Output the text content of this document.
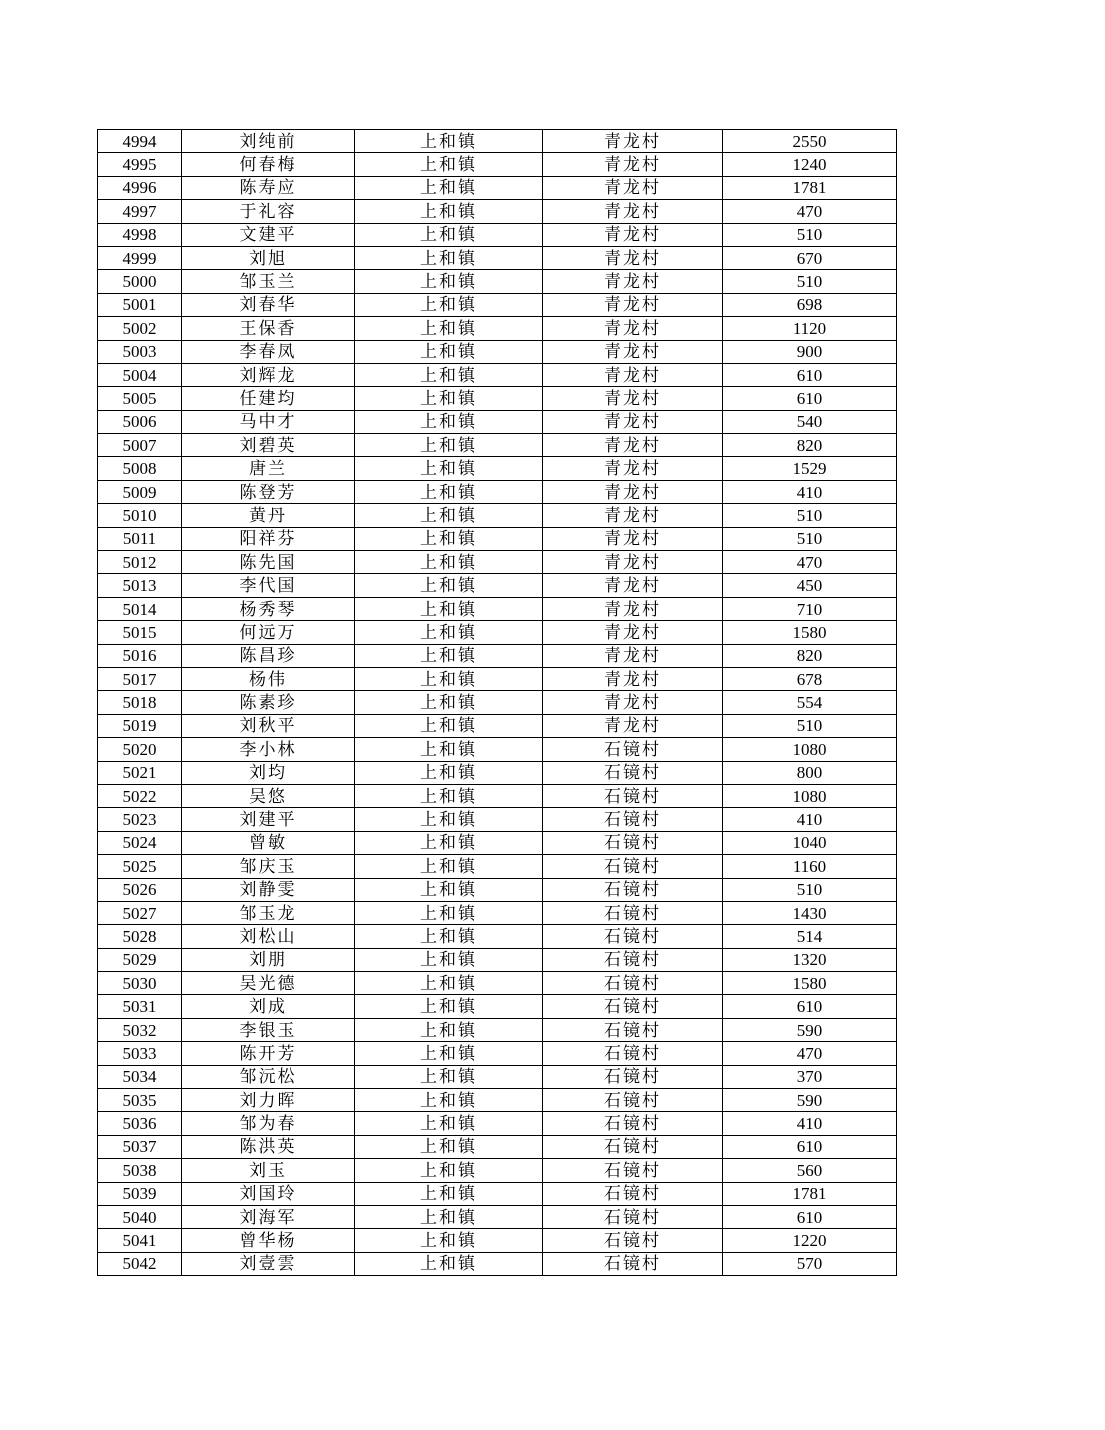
4994	刘纯前	上和镇	青龙村	2550
4995	何春梅	上和镇	青龙村	1240
4996	陈寿应	上和镇	青龙村	1781
4997	于礼容	上和镇	青龙村	470
4998	文建平	上和镇	青龙村	510
4999	刘旭	上和镇	青龙村	670
5000	邹玉兰	上和镇	青龙村	510
5001	刘春华	上和镇	青龙村	698
5002	王保香	上和镇	青龙村	1120
5003	李春凤	上和镇	青龙村	900
5004	刘辉龙	上和镇	青龙村	610
5005	任建均	上和镇	青龙村	610
5006	马中才	上和镇	青龙村	540
5007	刘碧英	上和镇	青龙村	820
5008	唐兰	上和镇	青龙村	1529
5009	陈登芳	上和镇	青龙村	410
5010	黄丹	上和镇	青龙村	510
5011	阳祥芬	上和镇	青龙村	510
5012	陈先国	上和镇	青龙村	470
5013	李代国	上和镇	青龙村	450
5014	杨秀琴	上和镇	青龙村	710
5015	何远万	上和镇	青龙村	1580
5016	陈昌珍	上和镇	青龙村	820
5017	杨伟	上和镇	青龙村	678
5018	陈素珍	上和镇	青龙村	554
5019	刘秋平	上和镇	青龙村	510
5020	李小林	上和镇	石镜村	1080
5021	刘均	上和镇	石镜村	800
5022	吴悠	上和镇	石镜村	1080
5023	刘建平	上和镇	石镜村	410
5024	曾敏	上和镇	石镜村	1040
5025	邹庆玉	上和镇	石镜村	1160
5026	刘静雯	上和镇	石镜村	510
5027	邹玉龙	上和镇	石镜村	1430
5028	刘松山	上和镇	石镜村	514
5029	刘朋	上和镇	石镜村	1320
5030	吴光德	上和镇	石镜村	1580
5031	刘成	上和镇	石镜村	610
5032	李银玉	上和镇	石镜村	590
5033	陈开芳	上和镇	石镜村	470
5034	邹沅松	上和镇	石镜村	370
5035	刘力晖	上和镇	石镜村	590
5036	邹为春	上和镇	石镜村	410
5037	陈洪英	上和镇	石镜村	610
5038	刘玉	上和镇	石镜村	560
5039	刘国玲	上和镇	石镜村	1781
5040	刘海军	上和镇	石镜村	610
5041	曾华杨	上和镇	石镜村	1220
5042	刘壹雲	上和镇	石镜村	570
